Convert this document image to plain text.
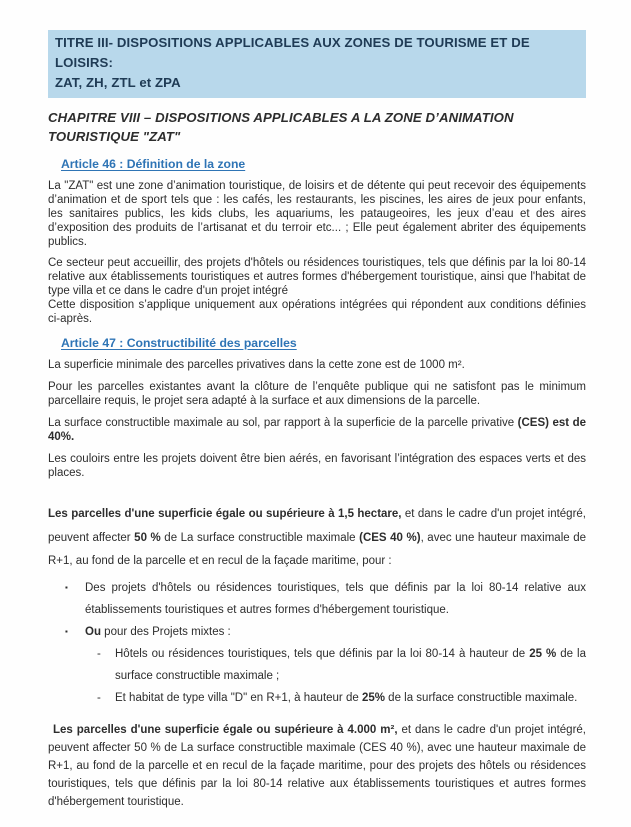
TITRE III- DISPOSITIONS APPLICABLES AUX ZONES DE TOURISME ET DE LOISIRS:
ZAT, ZH, ZTL et ZPA
CHAPITRE VIII – DISPOSITIONS APPLICABLES A LA ZONE D’ANIMATION
TOURISTIQUE "ZAT"
Article 46 : Définition de la zone

La "ZAT" est une zone d’animation touristique, de loisirs et de détente qui peut recevoir des équipements d’animation et de sport tels que : les cafés, les restaurants, les piscines, les aires de jeux pour enfants, les sanitaires publics, les kids clubs, les aquariums, les pataugeoires, les jeux d’eau et des aires d’exposition des produits de l’artisanat et du terroir etc... ; Elle peut également abriter des équipements publics.

Ce secteur peut accueillir, des projets d'hôtels ou résidences touristiques, tels que définis par la loi 80-14 relative aux établissements touristiques et autres formes d'hébergement touristique, ainsi que l'habitat de type villa et ce dans le cadre d'un projet intégré

Cette disposition s’applique uniquement aux opérations intégrées qui répondent aux conditions définies ci-après.

Article 47 : Constructibilité des parcelles

La superficie minimale des parcelles privatives dans la cette zone est de 1000 m².

Pour les parcelles existantes avant la clôture de l’enquête publique qui ne satisfont pas le minimum parcellaire requis, le projet sera adapté à la surface et aux dimensions de la parcelle.

La surface constructible maximale au sol, par rapport à la superficie de la parcelle privative (CES) est de 40%.

Les couloirs entre les projets doivent être bien aérés, en favorisant l’intégration des espaces verts et des places.

Les parcelles d'une superficie égale ou supérieure à 1,5 hectare, et dans le cadre d'un projet intégré, peuvent affecter 50 % de La surface constructible maximale (CES 40 %), avec une hauteur maximale de R+1, au fond de la parcelle et en recul de la façade maritime, pour :

▪	Des projets d'hôtels ou résidences touristiques, tels que définis par la loi 80-14 relative aux établissements touristiques et autres formes d'hébergement touristique.
▪	Ou pour des Projets mixtes :
-	Hôtels ou résidences touristiques, tels que définis par la loi 80-14 à hauteur de 25 % de la surface constructible maximale ;
-	Et habitat de type villa "D" en R+1, à hauteur de 25% de la surface constructible maximale.

Les parcelles d'une superficie égale ou supérieure à 4.000 m², et dans le cadre d'un projet intégré, peuvent affecter 50 % de La surface constructible maximale (CES 40 %), avec une hauteur maximale de R+1, au fond de la parcelle et en recul de la façade maritime, pour des projets des hôtels ou résidences touristiques, tels que définis par la loi 80-14 relative aux établissements touristiques et autres formes d'hébergement touristique.
